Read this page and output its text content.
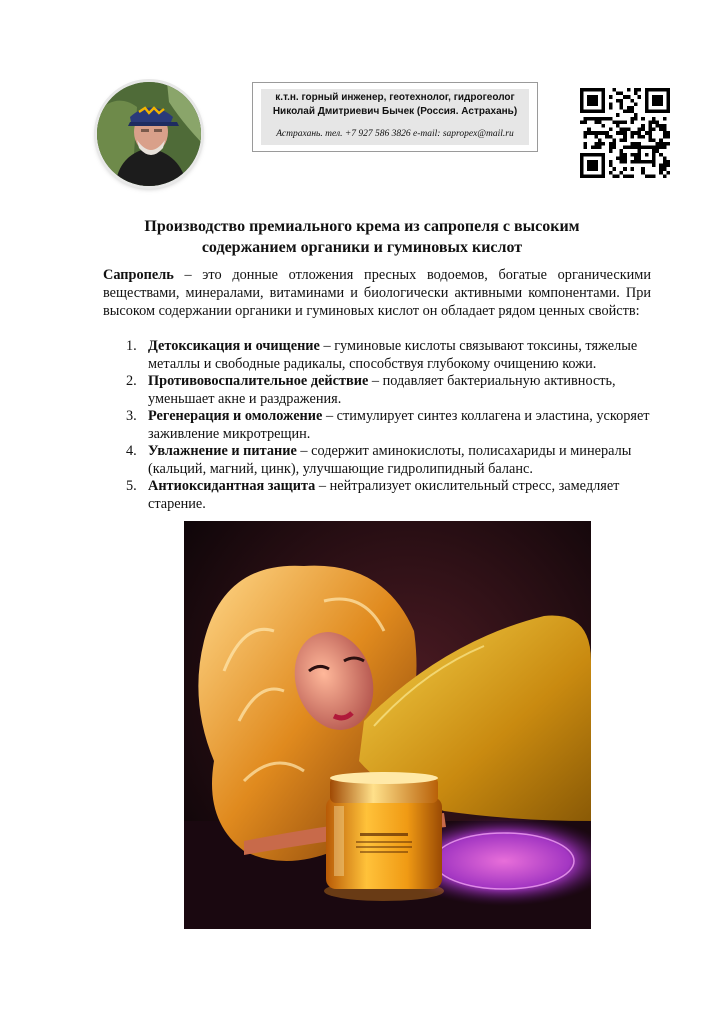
к.т.н. горный инженер, геотехнолог, гидрогеолог
Николай Дмитриевич Бычек (Россия. Астрахань)
Астрахань. тел. +7 927 586 3826 e-mail: sapropex@mail.ru
Производство премиального крема из сапропеля с высоким
содержанием органики и гуминовых кислот
Сапропель – это донные отложения пресных водоемов, богатые органическими веществами, минералами, витаминами и биологически активными компонентами. При высоком содержании органики и гуминовых кислот он обладает рядом ценных свойств:
1. Детоксикация и очищение – гуминовые кислоты связывают токсины, тяжелые металлы и свободные радикалы, способствуя глубокому очищению кожи.
2. Противовоспалительное действие – подавляет бактериальную активность, уменьшает акне и раздражения.
3. Регенерация и омоложение – стимулирует синтез коллагена и эластина, ускоряет заживление микротрещин.
4. Увлажнение и питание – содержит аминокислоты, полисахариды и минералы (кальций, магний, цинк), улучшающие гидролипидный баланс.
5. Антиоксидантная защита – нейтрализует окислительный стресс, замедляет старение.
